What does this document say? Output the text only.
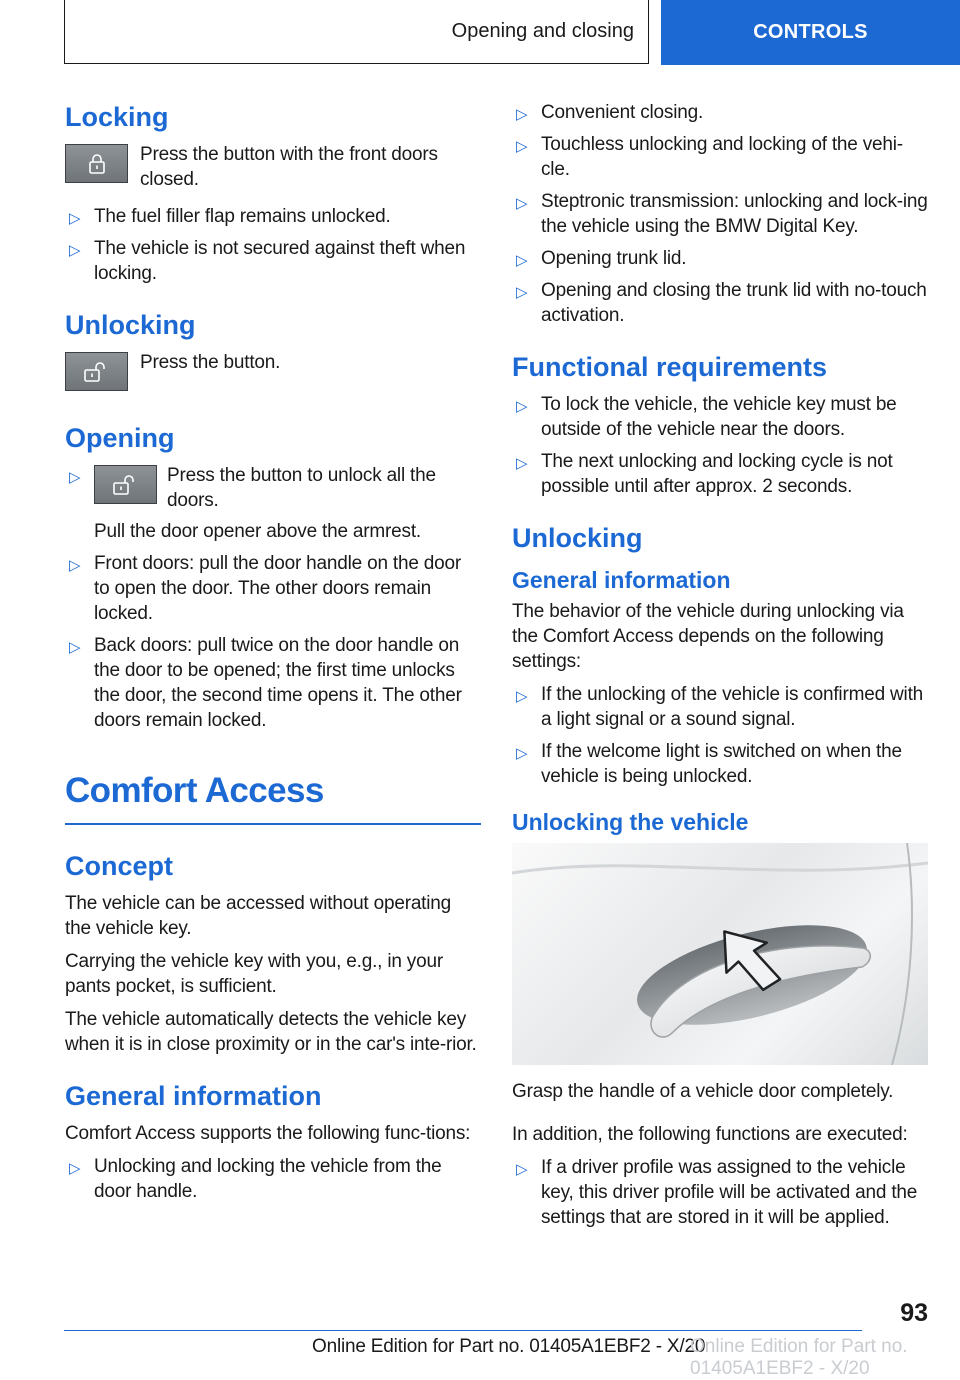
Opening and closing	CONTROLS
Locking
Press the button with the front doors closed.
▷ The fuel filler flap remains unlocked.
▷ The vehicle is not secured against theft when locking.
Unlocking
Press the button.
Opening
▷	Press the button to unlock all the doors.
Pull the door opener above the armrest.
▷ Front doors: pull the door handle on the door to open the door. The other doors remain locked.
▷ Back doors: pull twice on the door handle on the door to be opened; the first time unlocks the door, the second time opens it. The other doors remain locked.
Comfort Access
Concept

The vehicle can be accessed without operating the vehicle key.

Carrying the vehicle key with you, e.g., in your pants pocket, is sufficient.

The vehicle automatically detects the vehicle key when it is in close proximity or in the car's inte-rior.

General information

Comfort Access supports the following func-tions:

▷ Unlocking and locking the vehicle from the door handle.
▷ Convenient closing.
▷ Touchless unlocking and locking of the vehi-cle.
▷ Steptronic transmission: unlocking and lock-ing the vehicle using the BMW Digital Key.
▷ Opening trunk lid.
▷ Opening and closing the trunk lid with no-touch activation.
Functional requirements
▷ To lock the vehicle, the vehicle key must be outside of the vehicle near the doors.
▷ The next unlocking and locking cycle is not possible until after approx. 2 seconds.
Unlocking
General information

The behavior of the vehicle during unlocking via the Comfort Access depends on the following settings:

▷ If the unlocking of the vehicle is confirmed with a light signal or a sound signal.
▷ If the welcome light is switched on when the vehicle is being unlocked.
Unlocking the vehicle

Grasp the handle of a vehicle door completely.

In addition, the following functions are executed:

▷ If a driver profile was assigned to the vehicle key, this driver profile will be activated and the settings that are stored in it will be applied.
93
Online Edition for Part no. 01405A1EBF2 - X/20
Online Edition for Part no. 01405A1EBF2 - X/20
